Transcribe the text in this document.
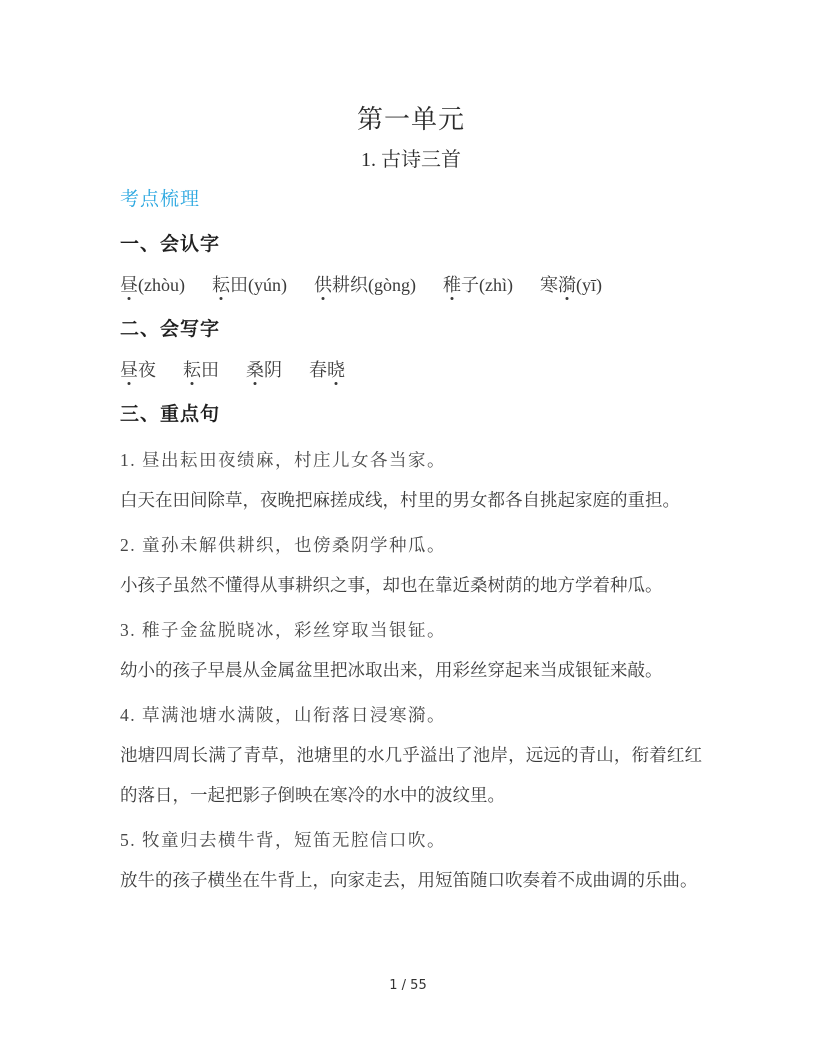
第一单元
1. 古诗三首
考点梳理
一、会认字

昼(zhòu) 耘田(yún) 供耕织(gòng) 稚子(zhì) 寒漪(yī)

二、会写字

昼夜 耘田 桑阴 春晓

三、重点句

1. 昼出耘田夜绩麻，村庄儿女各当家。

白天在田间除草，夜晚把麻搓成线，村里的男女都各自挑起家庭的重担。

2. 童孙未解供耕织，也傍桑阴学种瓜。

小孩子虽然不懂得从事耕织之事，却也在靠近桑树荫的地方学着种瓜。

3. 稚子金盆脱晓冰，彩丝穿取当银钲。

幼小的孩子早晨从金属盆里把冰取出来，用彩丝穿起来当成银钲来敲。

4. 草满池塘水满陂，山衔落日浸寒漪。

池塘四周长满了青草，池塘里的水几乎溢出了池岸，远远的青山，衔着红红的落日，一起把影子倒映在寒冷的水中的波纹里。

5. 牧童归去横牛背，短笛无腔信口吹。

放牛的孩子横坐在牛背上，向家走去，用短笛随口吹奏着不成曲调的乐曲。

1 / 55
